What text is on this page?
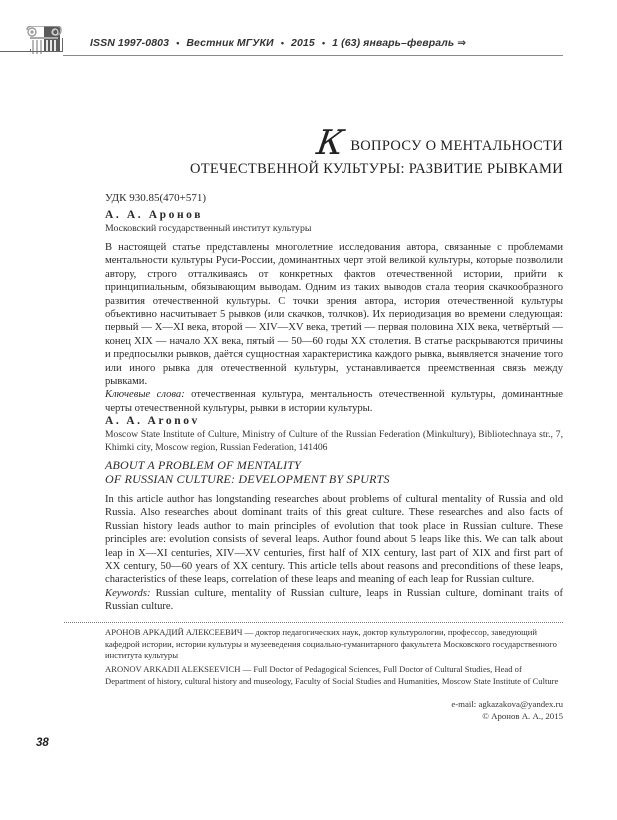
ISSN 1997-0803 • Вестник МГУКИ • 2015 • 1 (63) январь–февраль ⇒
К ВОПРОСУ О МЕНТАЛЬНОСТИ
ОТЕЧЕСТВЕННОЙ КУЛЬТУРЫ: РАЗВИТИЕ РЫВКАМИ
УДК 930.85(470+571)
А. А. Аронов
Московский государственный институт культуры
В настоящей статье представлены многолетние исследования автора, связанные с проблемами ментальности культуры Руси-России, доминантных черт этой великой культуры, которые позволили автору, строго отталкиваясь от конкретных фактов отечественной истории, прийти к принципиальным, обязывающим выводам. Одним из таких выводов стала теория скачкообразного развития отечественной культуры. С точки зрения автора, история отечественной культуры объективно насчитывает 5 рывков (или скачков, толчков). Их периодизация во времени следующая: первый — X—XI века, второй — XIV—XV века, третий — первая половина XIX века, четвёртый — конец XIX — начало XX века, пятый — 50—60 годы XX столетия. В статье раскрываются причины и предпосылки рывков, даётся сущностная характеристика каждого рывка, выявляется значение того или иного рывка для отечественной культуры, устанавливается преемственная связь между рывками.
Ключевые слова: отечественная культура, ментальность отечественной культуры, доминантные черты отечественной культуры, рывки в истории культуры.
A. A. Aronov
Moscow State Institute of Culture, Ministry of Culture of the Russian Federation (Minkultury), Bibliotechnaya str., 7, Khimki city, Moscow region, Russian Federation, 141406
ABOUT A PROBLEM OF MENTALITY
OF RUSSIAN CULTURE: DEVELOPMENT BY SPURTS
In this article author has longstanding researches about problems of cultural mentality of Russia and old Russia. Also researches about dominant traits of this great culture. These researches and also facts of Russian history leads author to main principles of evolution that took place in Russian culture. These principles are: evolution consists of several leaps. Author found about 5 leaps like this. We can talk about leap in X—XI centuries, XIV—XV centuries, first half of XIX century, last part of XIX and first part of XX century, 50—60 years of XX century. This article tells about reasons and preconditions of these leaps, characteristics of these leaps, correlation of these leaps and meaning of each leap for Russian culture.
Keywords: Russian culture, mentality of Russian culture, leaps in Russian culture, dominant traits of Russian culture.
АРОНОВ АРКАДИЙ АЛЕКСЕЕВИЧ — доктор педагогических наук, доктор культурологии, профессор, заведующий кафедрой истории, истории культуры и музееведения социально-гуманитарного факультета Московского государственного института культуры
ARONOV ARKADII ALEKSEEVICH — Full Doctor of Pedagogical Sciences, Full Doctor of Cultural Studies, Head of Department of history, cultural history and museology, Faculty of Social Studies and Humanities, Moscow State Institute of Culture
e-mail: agkazakova@yandex.ru
© Аронов А. А., 2015
38
